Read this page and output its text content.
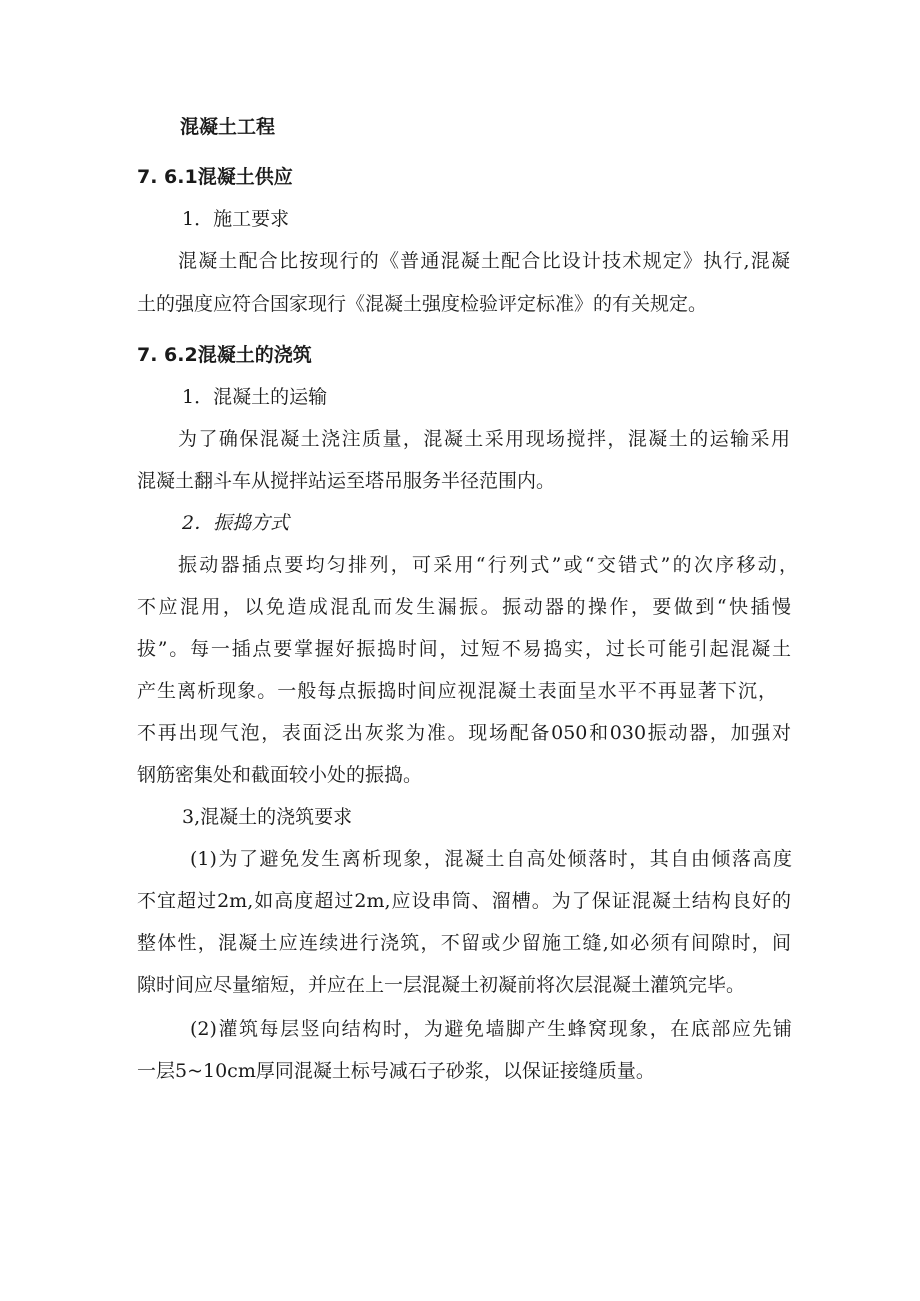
混凝土工程
7. 6.1混凝土供应
1．施工要求
混凝土配合比按现行的《普通混凝土配合比设计技术规定》执行,混凝
土的强度应符合国家现行《混凝土强度检验评定标准》的有关规定。
7. 6.2混凝土的浇筑
1．混凝土的运输
为了确保混凝土浇注质量，混凝土采用现场搅拌，混凝土的运输采用
混凝土翻斗车从搅拌站运至塔吊服务半径范围内。
2．振捣方式
振动器插点要均匀排列，可采用“行列式”或“交错式”的次序移动，
不应混用，以免造成混乱而发生漏振。振动器的操作，要做到“快插慢
拔”。每一插点要掌握好振捣时间，过短不易捣实，过长可能引起混凝土
产生离析现象。一般每点振捣时间应视混凝土表面呈水平不再显著下沉，
不再出现气泡，表面泛出灰浆为准。现场配备050和030振动器，加强对
钢筋密集处和截面较小处的振捣。
3,混凝土的浇筑要求
(1)为了避免发生离析现象，混凝土自高处倾落时，其自由倾落高度
不宜超过2m,如高度超过2m,应设串筒、溜槽。为了保证混凝土结构良好的
整体性，混凝土应连续进行浇筑，不留或少留施工缝,如必须有间隙时，间
隙时间应尽量缩短，并应在上一层混凝土初凝前将次层混凝土灌筑完毕。
(2)灌筑每层竖向结构时，为避免墙脚产生蜂窝现象，在底部应先铺
一层5~10cm厚同混凝土标号减石子砂浆，以保证接缝质量。
